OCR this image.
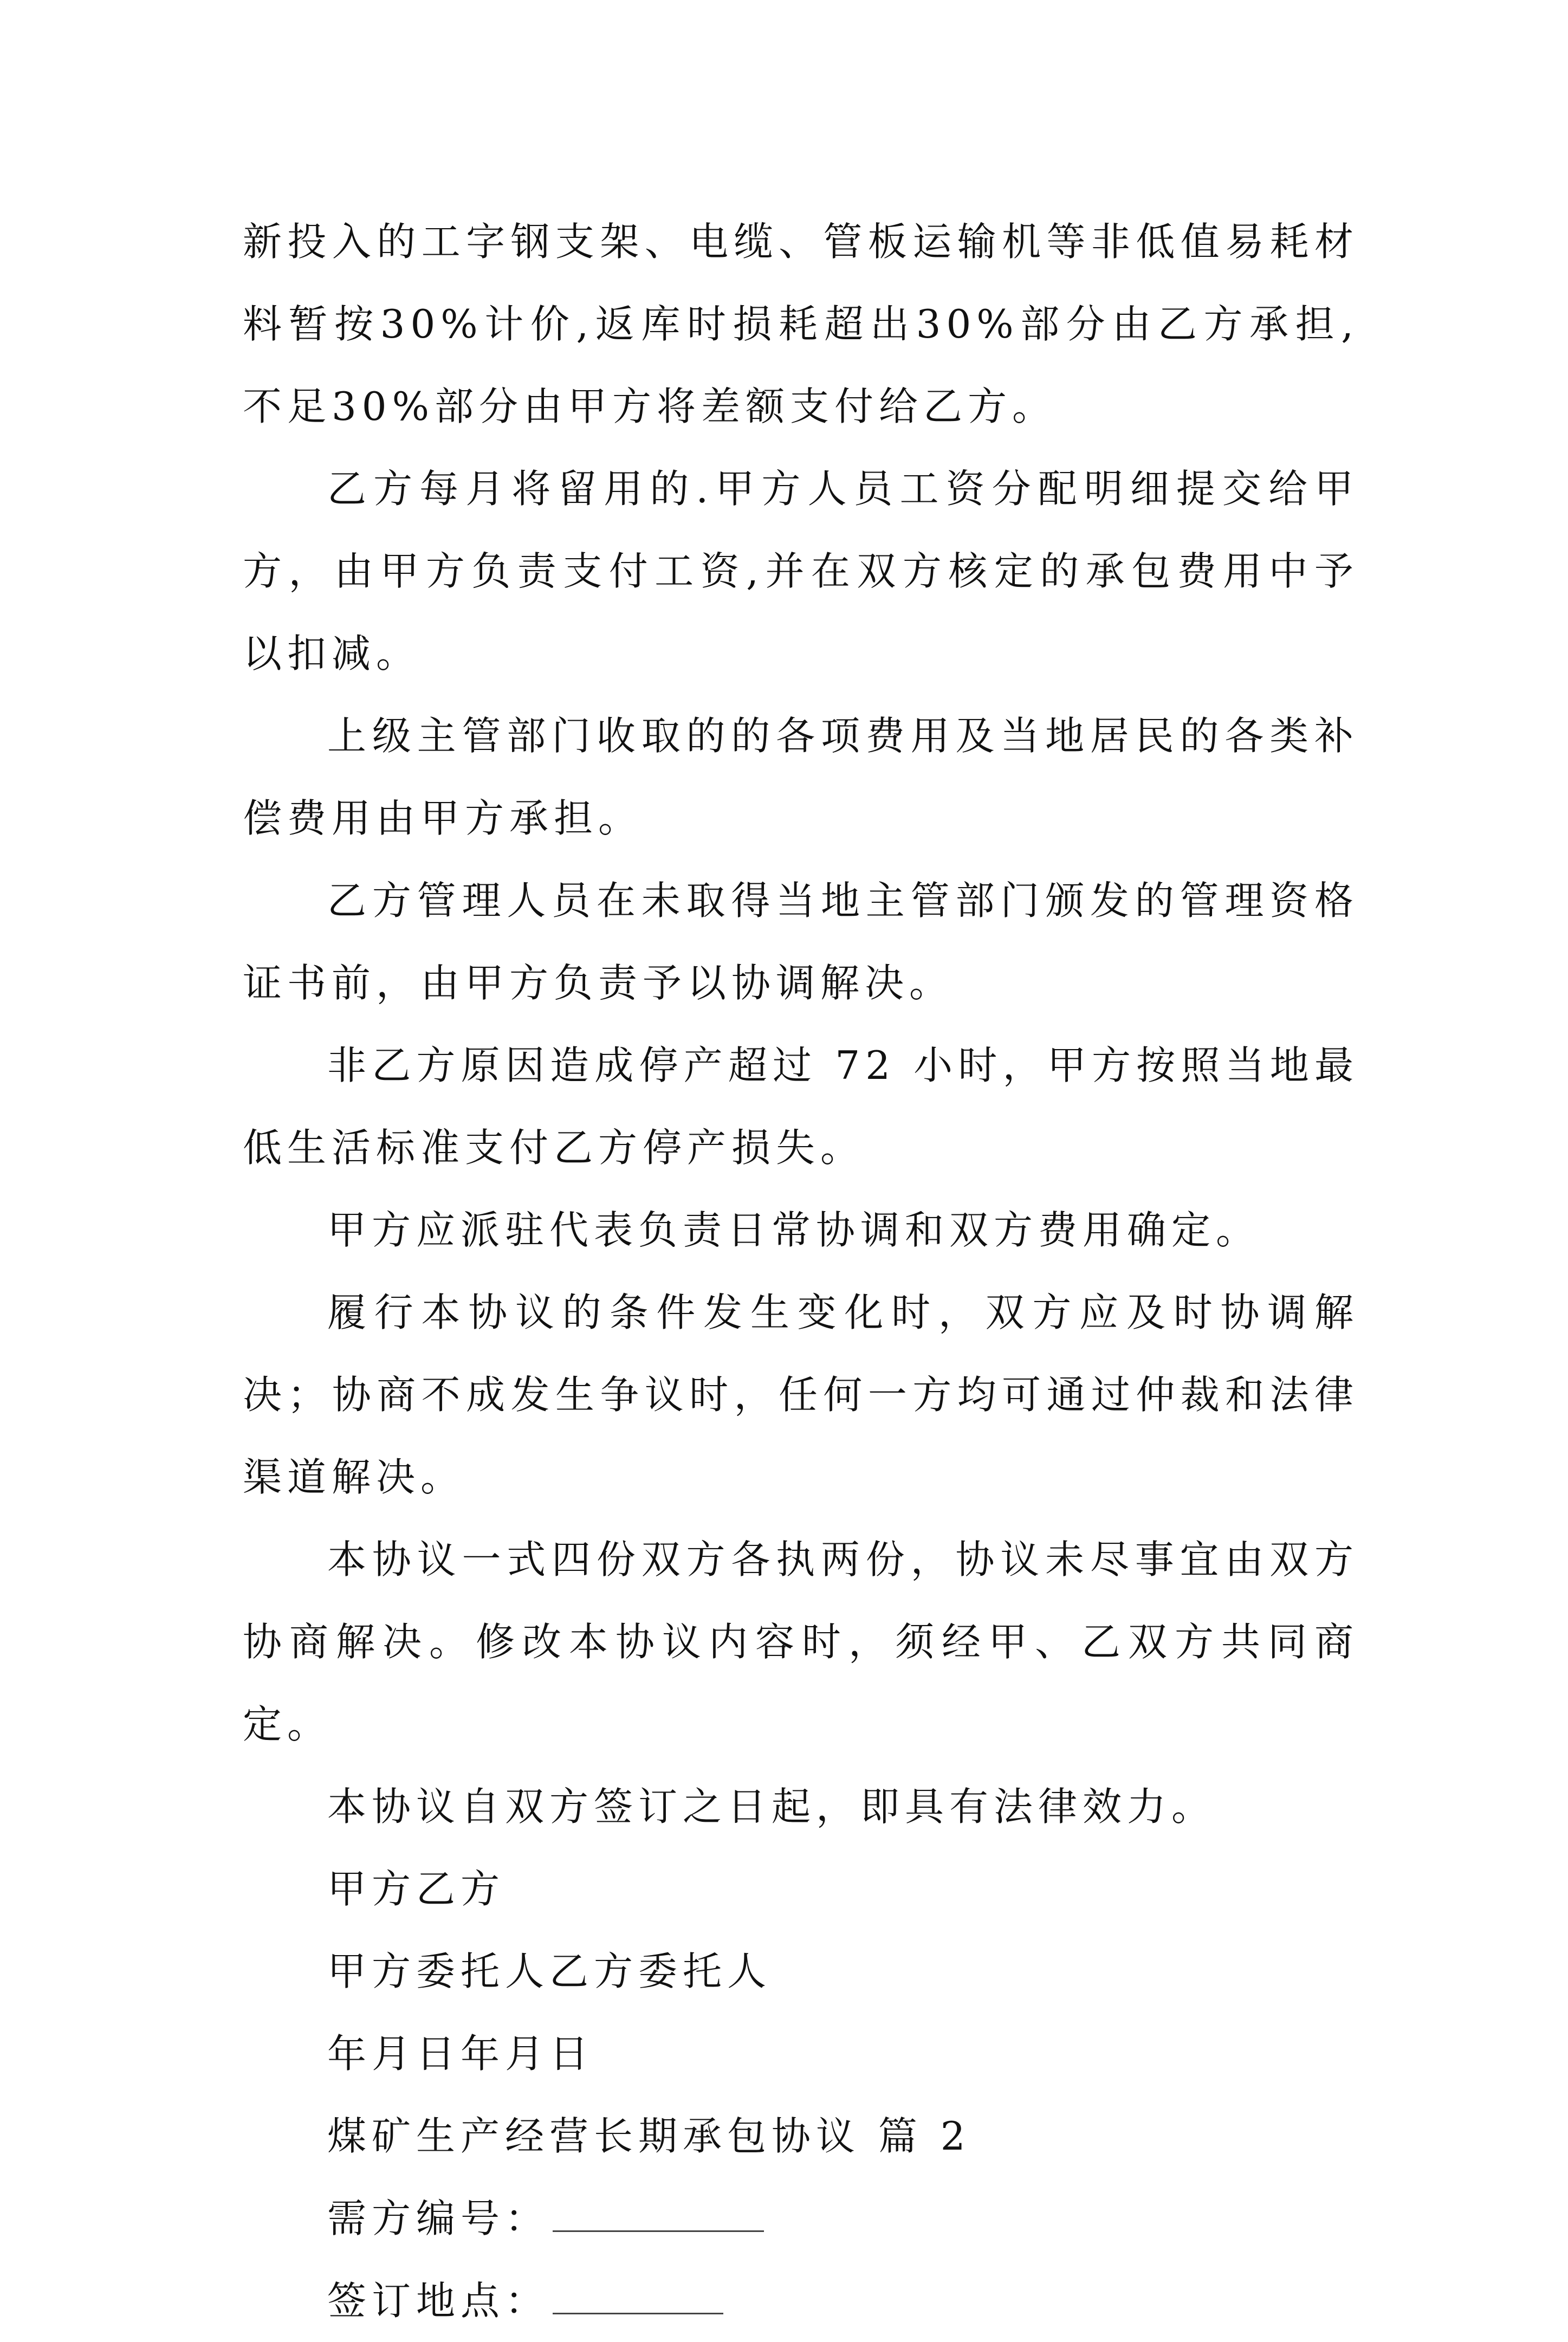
新投入的工字钢支架、电缆、管板运输机等非低值易耗材料暂按30%计价,返库时损耗超出30%部分由乙方承担,不足30%部分由甲方将差额支付给乙方。

乙方每月将留用的.甲方人员工资分配明细提交给甲方，由甲方负责支付工资,并在双方核定的承包费用中予以扣减。

上级主管部门收取的的各项费用及当地居民的各类补偿费用由甲方承担。

乙方管理人员在未取得当地主管部门颁发的管理资格证书前，由甲方负责予以协调解决。

非乙方原因造成停产超过 72 小时，甲方按照当地最低生活标准支付乙方停产损失。

甲方应派驻代表负责日常协调和双方费用确定。

履行本协议的条件发生变化时，双方应及时协调解决；协商不成发生争议时，任何一方均可通过仲裁和法律渠道解决。

本协议一式四份双方各执两份，协议未尽事宜由双方协商解决。修改本协议内容时，须经甲、乙双方共同商定。

本协议自双方签订之日起，即具有法律效力。

甲方乙方

甲方委托人乙方委托人

年月日年月日

煤矿生产经营长期承包协议 篇 2

需方编号：

签订地点：
